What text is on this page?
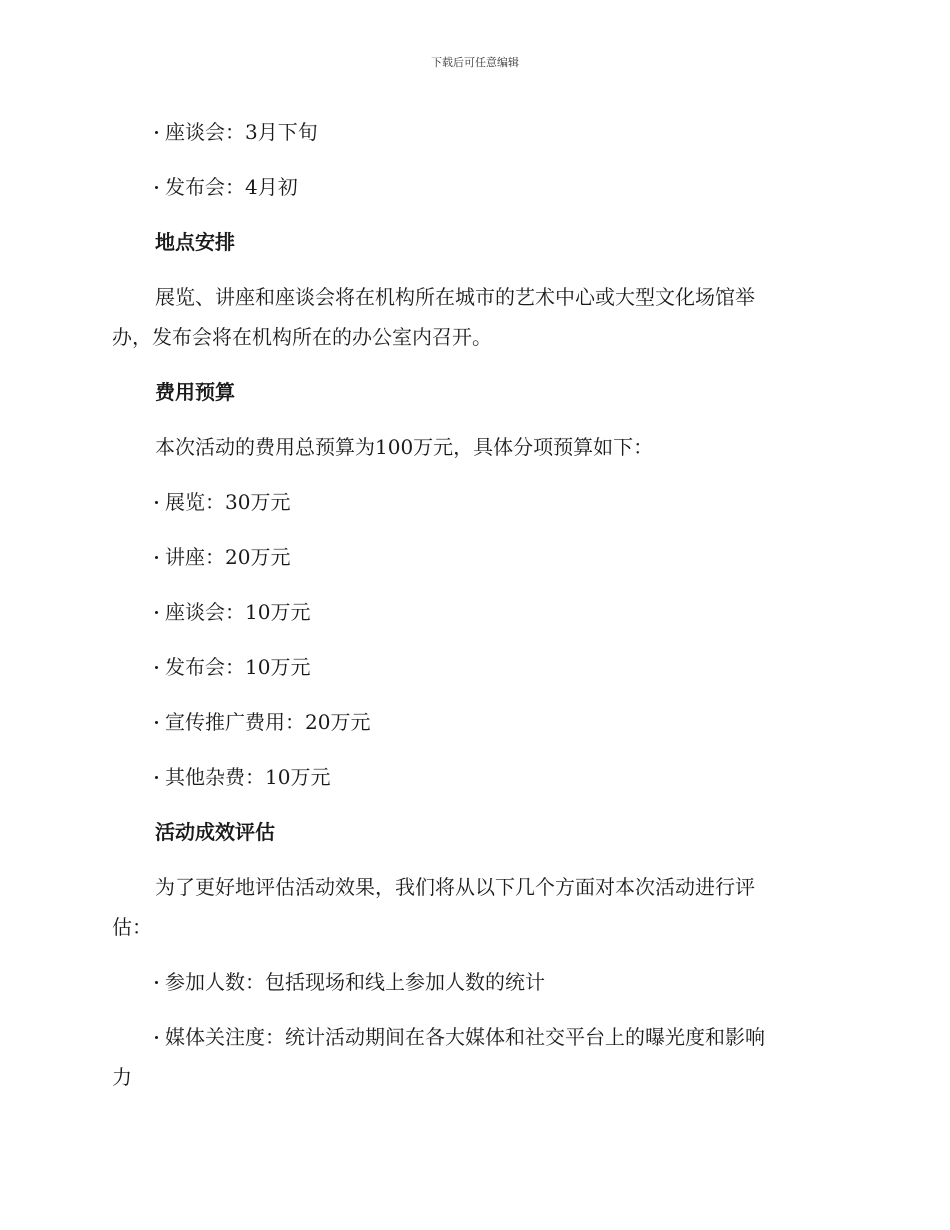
下载后可任意编辑

座谈会：3月下旬

发布会：4月初

地点安排

展览、讲座和座谈会将在机构所在城市的艺术中心或大型文化场馆举
办，发布会将在机构所在的办公室内召开。

费用预算

本次活动的费用总预算为100万元，具体分项预算如下：

展览：30万元

讲座：20万元

座谈会：10万元

发布会：10万元

宣传推广费用：20万元

其他杂费：10万元

活动成效评估

为了更好地评估活动效果，我们将从以下几个方面对本次活动进行评
估：

参加人数：包括现场和线上参加人数的统计

媒体关注度：统计活动期间在各大媒体和社交平台上的曝光度和影响
力
